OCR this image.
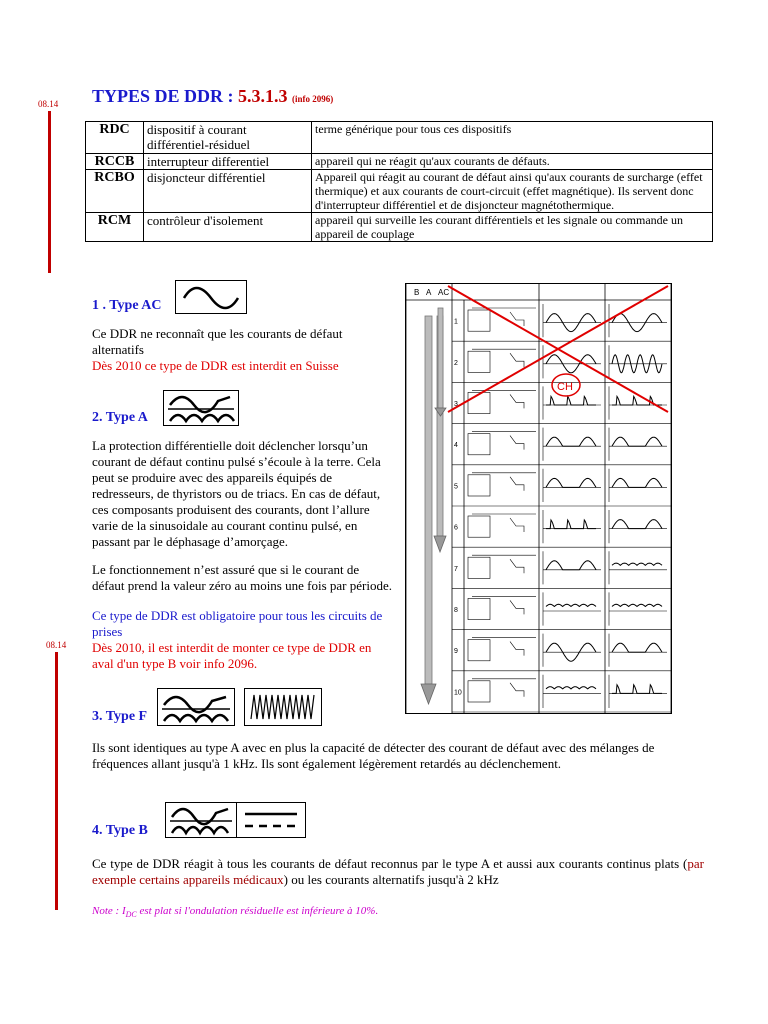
08.14
08.14
TYPES DE DDR : 5.3.1.3 (info 2096)
RDC	dispositif à courant différentiel-résiduel	terme générique pour tous ces dispositifs
RCCB	interrupteur differentiel	appareil qui ne réagit qu'aux courants de défauts.
RCBO	disjoncteur différentiel	Appareil qui réagit au courant de défaut ainsi qu'aux courants de surcharge (effet thermique) et aux courants de court-circuit (effet magnétique). Ils servent donc d'interrupteur différentiel et de disjoncteur magnétothermique.
RCM	contrôleur d'isolement	appareil qui surveille les courant différentiels et les signale ou commande un appareil de couplage
1 . Type AC
Ce DDR ne reconnaît que les courants de défaut alternatifs
Dès 2010 ce type de DDR est interdit en Suisse
2. Type A
La protection différentielle doit déclencher lorsqu’un courant de défaut continu pulsé s’écoule à la terre. Cela peut se produire avec des appareils équipés de redresseurs, de thyristors ou de triacs. En cas de défaut, ces composants produisent des courants, dont l’allure varie de la sinusoidale au courant continu pulsé, en passant par le déphasage d’amorçage.
Le fonctionnement n’est assuré que si le courant de défaut prend la valeur zéro au moins une fois par période.
Ce type de DDR est obligatoire pour tous les circuits de prises
Dès 2010, il est interdit de monter ce type de DDR en aval d'un type B voir info 2096.
3. Type F
Ils sont identiques au type A avec en plus la capacité de détecter des courant de défaut avec des mélanges de fréquences allant jusqu'à 1 kHz. Ils sont également légèrement retardés au déclenchement.
4. Type B
Ce type de DDR réagit à tous les courants de défaut reconnus par le type A et aussi aux courants continus plats (par exemple certains appareils médicaux) ou les courants alternatifs jusqu'à 2 kHz
Note : $I_{DC}$ est plat si l'ondulation résiduelle est inférieure à 10%.
1
2
3
4
5
6
7
8
9
10
B A AC
CH
